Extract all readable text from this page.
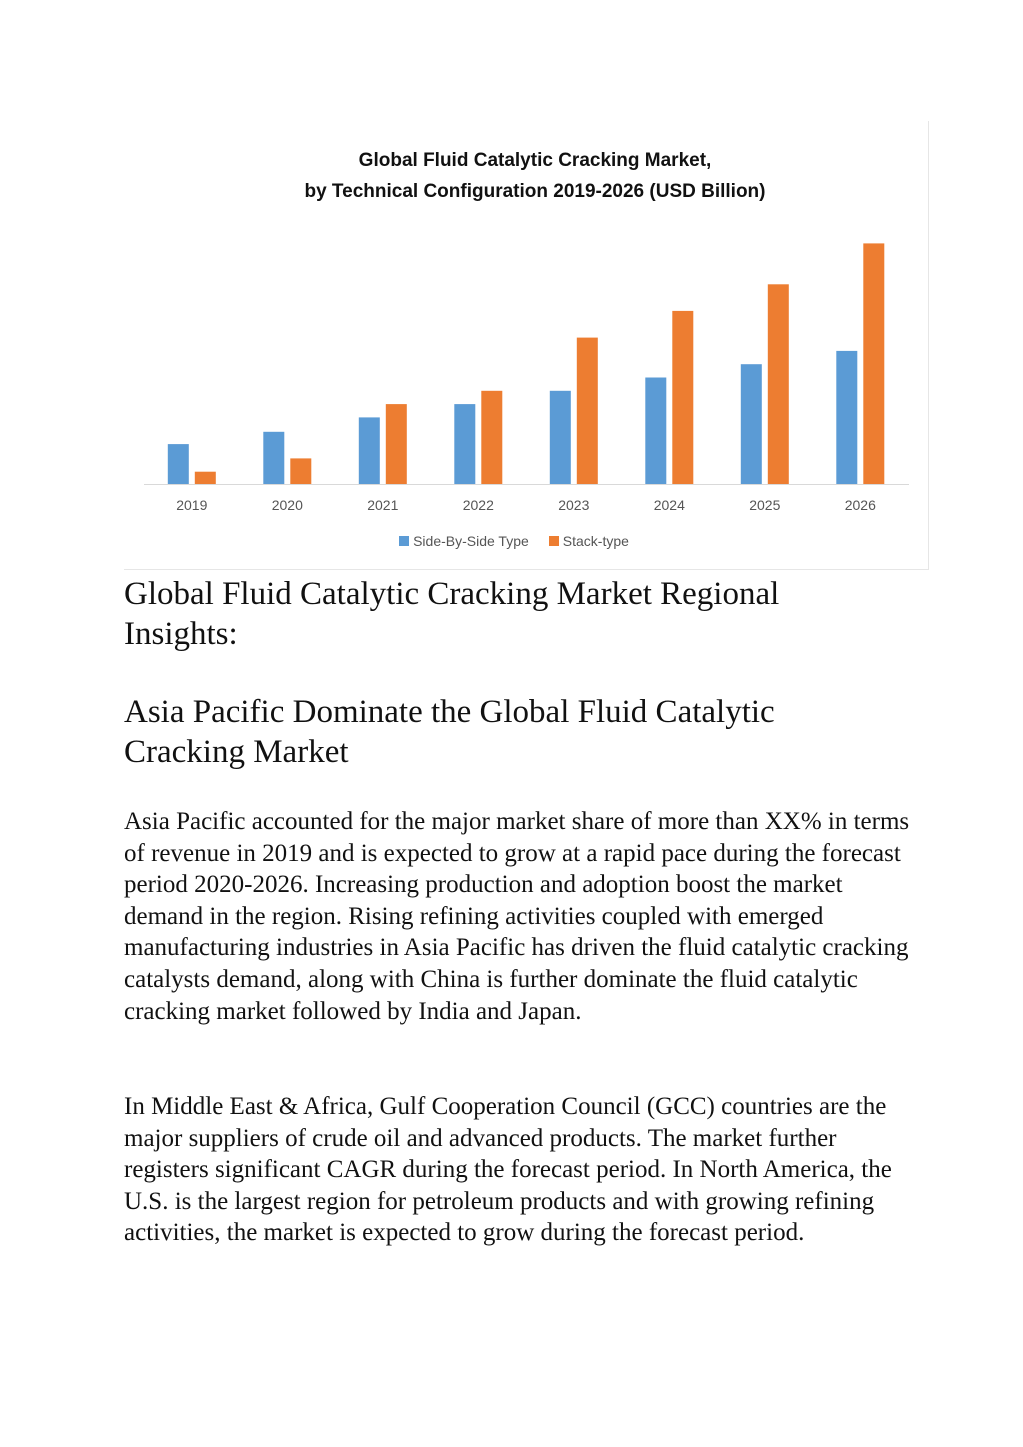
Global Fluid Catalytic Cracking Market,
by Technical Configuration 2019-2026 (USD Billion)
2019	2020	2021	2022	2023	2024	2025	2026
Side-By-Side Type Stack-type
Global Fluid Catalytic Cracking Market Regional Insights:
Asia Pacific Dominate the Global Fluid Catalytic Cracking Market

Asia Pacific accounted for the major market share of more than XX% in terms of revenue in 2019 and is expected to grow at a rapid pace during the forecast period 2020-2026. Increasing production and adoption boost the market demand in the region. Rising refining activities coupled with emerged manufacturing industries in Asia Pacific has driven the fluid catalytic cracking catalysts demand, along with China is further dominate the fluid catalytic cracking market followed by India and Japan.

In Middle East & Africa, Gulf Cooperation Council (GCC) countries are the major suppliers of crude oil and advanced products. The market further registers significant CAGR during the forecast period. In North America, the U.S. is the largest region for petroleum products and with growing refining activities, the market is expected to grow during the forecast period.
